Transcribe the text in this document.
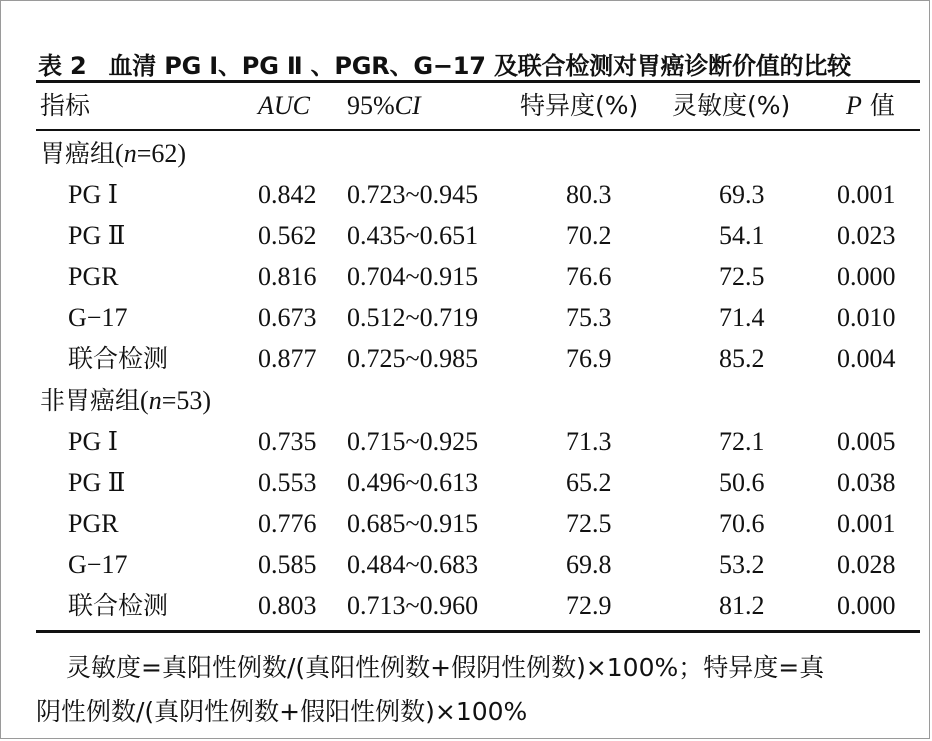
表 2 血清 PG Ⅰ、PG Ⅱ 、PGR、G−17 及联合检测对胃癌诊断价值的比较
指标	AUC 95%CI	特异度(%) 灵敏度(%) P 值
胃癌组(n=62)
PG Ⅰ	0.842 0.723~0.945	80.3	69.3	0.001
PG Ⅱ	0.562 0.435~0.651	70.2	54.1	0.023
PGR	0.816 0.704~0.915	76.6	72.5	0.000
G−17	0.673 0.512~0.719	75.3	71.4	0.010
联合检测	0.877 0.725~0.985	76.9	85.2	0.004
非胃癌组(n=53)
PG Ⅰ	0.735 0.715~0.925	71.3	72.1	0.005
PG Ⅱ	0.553 0.496~0.613	65.2	50.6	0.038
PGR	0.776 0.685~0.915	72.5	70.6	0.001
G−17	0.585 0.484~0.683	69.8	53.2	0.028
联合检测	0.803 0.713~0.960	72.9	81.2	0.000
灵敏度=真阳性例数/(真阳性例数+假阴性例数)×100%；特异度=真
阴性例数/(真阴性例数+假阳性例数)×100%
